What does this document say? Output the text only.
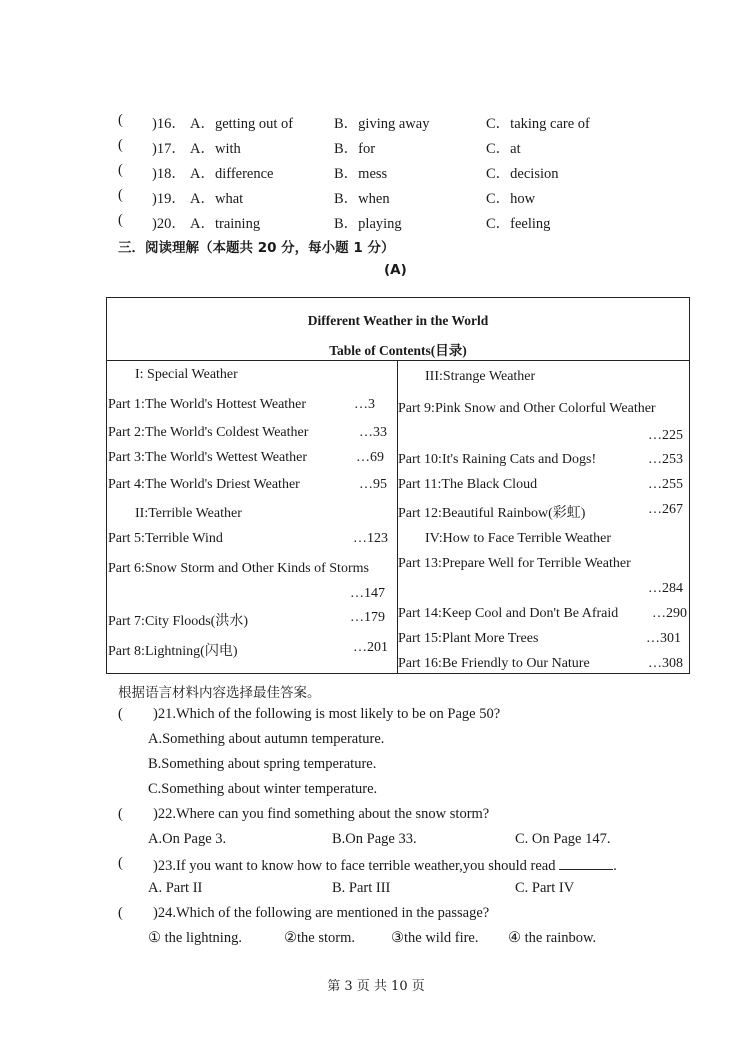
( )16． A．getting out of	B．giving away	C．taking care of
( )17． A．with	B．for	C．at
( )18． A．difference	B．mess	C．decision
( )19． A．what	B．when	C．how
( )20． A．training	B．playing	C．feeling
三．阅读理解（本题共 20 分，每小题 1 分）
(A)
Different Weather in the World
Table of Contents(目录)
I: Special Weather
Part 1:The World's Hottest Weather	…3
Part 2:The World's Coldest Weather	…33
Part 3:The World's Wettest Weather	…69
Part 4:The World's Driest Weather	…95
II:Terrible Weather
Part 5:Terrible Wind	…123
Part 6:Snow Storm and Other Kinds of Storms
…147
Part 7:City Floods(洪水)	…179
Part 8:Lightning(闪电)	…201
III:Strange Weather
Part 9:Pink Snow and Other Colorful Weather
…225
Part 10:It's Raining Cats and Dogs!	…253
Part 11:The Black Cloud	…255
Part 12:Beautiful Rainbow(彩虹)	…267
IV:How to Face Terrible Weather
Part 13:Prepare Well for Terrible Weather
…284
Part 14:Keep Cool and Don't Be Afraid …290
Part 15:Plant More Trees	…301
Part 16:Be Friendly to Our Nature	…308
根据语言材料内容选择最佳答案。
( )21.Which of the following is most likely to be on Page 50?
A.Something about autumn temperature.
B.Something about spring temperature.
C.Something about winter temperature.
( )22.Where can you find something about the snow storm?
A.On Page 3.	B.On Page 33.	C. On Page 147.
( )23.If you want to know how to face terrible weather,you should read	.
A. Part II	B. Part III	C. Part IV
( )24.Which of the following are mentioned in the passage?
① the lightning.	②the storm. ③the wild fire. ④ the rainbow.
第 3 页 共 10 页
